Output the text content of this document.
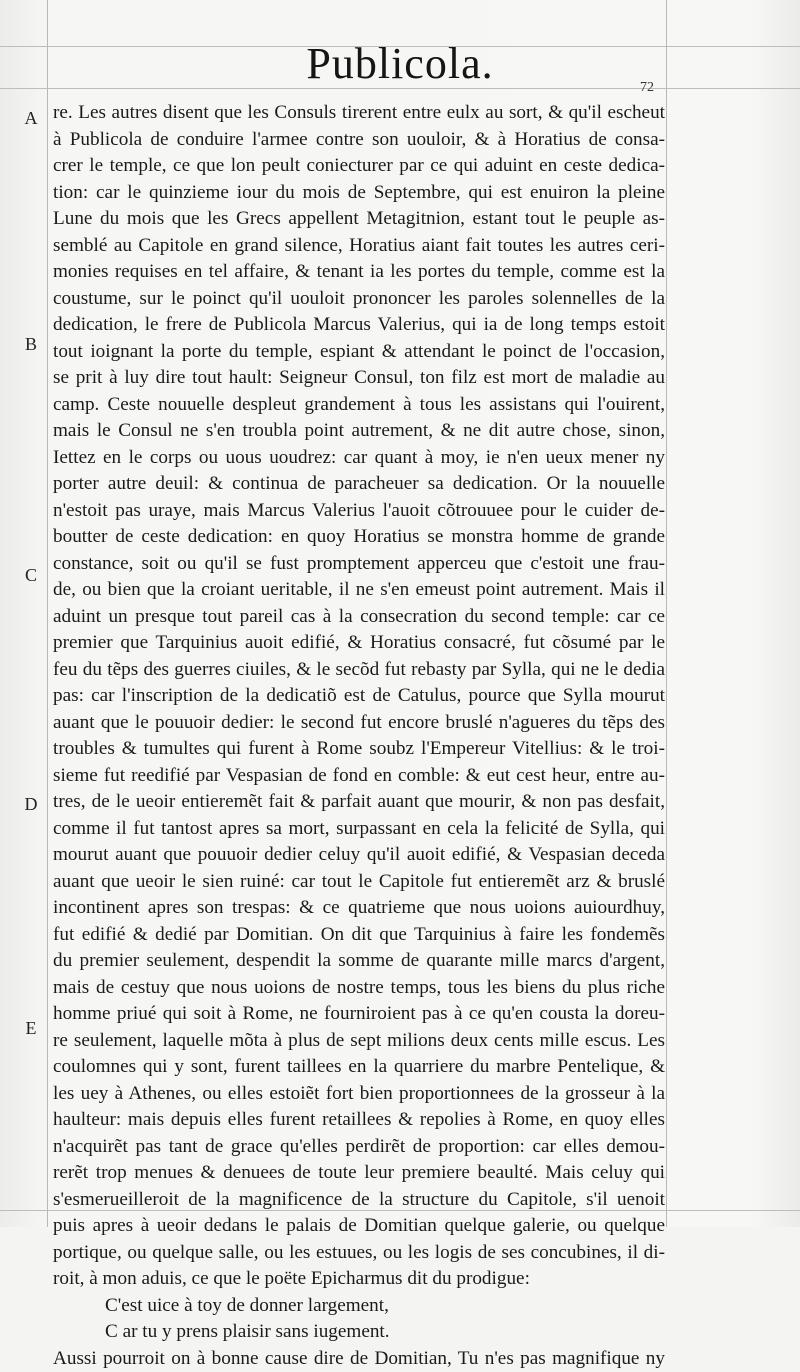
Publicola.	72
A
B
C
D
E
re. Les autres disent que les Consuls tirerent entre eulx au sort, & qu'il escheut
à Publicola de conduire l'armee contre son uouloir, & à Horatius de consa-
crer le temple, ce que lon peult coniecturer par ce qui aduint en ceste dedica-
tion: car le quinzieme iour du mois de Septembre, qui est enuiron la pleine
Lune du mois que les Grecs appellent Metagitnion, estant tout le peuple as-
semblé au Capitole en grand silence, Horatius aiant fait toutes les autres ceri-
monies requises en tel affaire, & tenant ia les portes du temple, comme est la
coustume, sur le poinct qu'il uouloit prononcer les paroles solennelles de la
dedication, le frere de Publicola Marcus Valerius, qui ia de long temps estoit
tout ioignant la porte du temple, espiant & attendant le poinct de l'occasion,
se prit à luy dire tout hault: Seigneur Consul, ton filz est mort de maladie au
camp. Ceste nouuelle despleut grandement à tous les assistans qui l'ouirent,
mais le Consul ne s'en troubla point autrement, & ne dit autre chose, sinon,
Iettez en le corps ou uous uoudrez: car quant à moy, ie n'en ueux mener ny
porter autre deuil: & continua de paracheuer sa dedication. Or la nouuelle
n'estoit pas uraye, mais Marcus Valerius l'auoit cõtrouuee pour le cuider de-
boutter de ceste dedication: en quoy Horatius se monstra homme de grande
constance, soit ou qu'il se fust promptement apperceu que c'estoit une frau-
de, ou bien que la croiant ueritable, il ne s'en emeust point autrement. Mais il
aduint un presque tout pareil cas à la consecration du second temple: car ce
premier que Tarquinius auoit edifié, & Horatius consacré, fut cõsumé par le
feu du tẽps des guerres ciuiles, & le secõd fut rebasty par Sylla, qui ne le dedia
pas: car l'inscription de la dedicatiõ est de Catulus, pource que Sylla mourut
auant que le pouuoir dedier: le second fut encore bruslé n'agueres du tẽps des
troubles & tumultes qui furent à Rome soubz l'Empereur Vitellius: & le troi-
sieme fut reedifié par Vespasian de fond en comble: & eut cest heur, entre au-
tres, de le ueoir entieremẽt fait & parfait auant que mourir, & non pas desfait,
comme il fut tantost apres sa mort, surpassant en cela la felicité de Sylla, qui
mourut auant que pouuoir dedier celuy qu'il auoit edifié, & Vespasian deceda
auant que ueoir le sien ruiné: car tout le Capitole fut entieremẽt arz & bruslé
incontinent apres son trespas: & ce quatrieme que nous uoions auiourdhuy,
fut edifié & dedié par Domitian. On dit que Tarquinius à faire les fondemẽs
du premier seulement, despendit la somme de quarante mille marcs d'argent,
mais de cestuy que nous uoions de nostre temps, tous les biens du plus riche
homme priué qui soit à Rome, ne fourniroient pas à ce qu'en cousta la doreu-
re seulement, laquelle mõta à plus de sept milions deux cents mille escus. Les
coulomnes qui y sont, furent taillees en la quarriere du marbre Pentelique, &
les uey à Athenes, ou elles estoiẽt fort bien proportionnees de la grosseur à la
haulteur: mais depuis elles furent retaillees & repolies à Rome, en quoy elles
n'acquirẽt pas tant de grace qu'elles perdirẽt de proportion: car elles demou-
rerẽt trop menues & denuees de toute leur premiere beaulté. Mais celuy qui
s'esmerueilleroit de la magnificence de la structure du Capitole, s'il uenoit
puis apres à ueoir dedans le palais de Domitian quelque galerie, ou quelque
portique, ou quelque salle, ou les estuues, ou les logis de ses concubines, il di-
roit, à mon aduis, ce que le poëte Epicharmus dit du prodigue:
C'est uice à toy de donner largement,
C ar tu y prens plaisir sans iugement.
Aussi pourroit on à bonne cause dire de Domitian, Tu n'es pas magnifique ny
